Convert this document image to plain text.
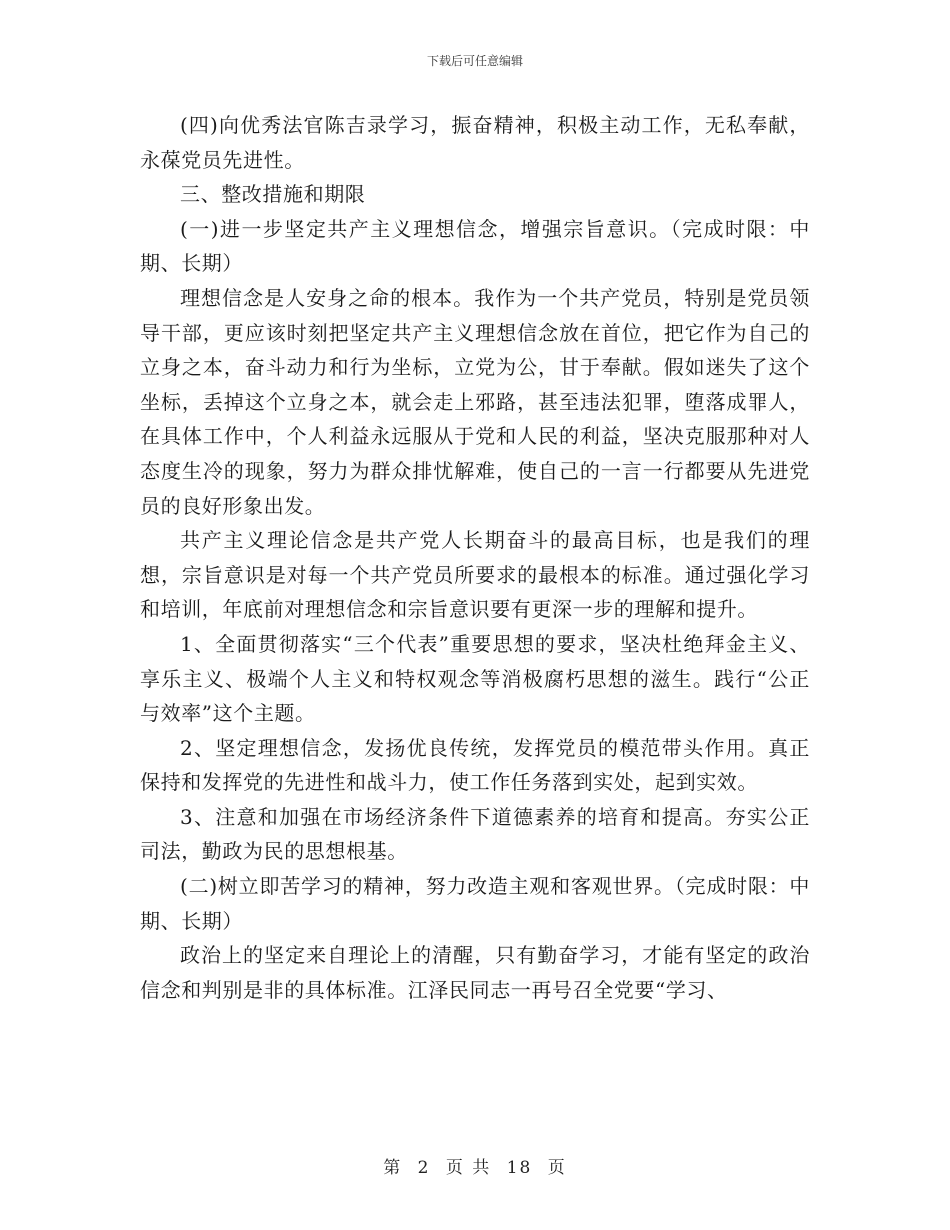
下载后可任意编辑

(四)向优秀法官陈吉录学习，振奋精神，积极主动工作，无私奉献，永葆党员先进性。

三、整改措施和期限

(一)进一步坚定共产主义理想信念，增强宗旨意识。（完成时限：中期、长期）

理想信念是人安身之命的根本。我作为一个共产党员，特别是党员领导干部，更应该时刻把坚定共产主义理想信念放在首位，把它作为自己的立身之本，奋斗动力和行为坐标，立党为公，甘于奉献。假如迷失了这个坐标，丢掉这个立身之本，就会走上邪路，甚至违法犯罪，堕落成罪人，在具体工作中，个人利益永远服从于党和人民的利益，坚决克服那种对人态度生冷的现象，努力为群众排忧解难，使自己的一言一行都要从先进党员的良好形象出发。

共产主义理论信念是共产党人长期奋斗的最高目标，也是我们的理想，宗旨意识是对每一个共产党员所要求的最根本的标准。通过强化学习和培训，年底前对理想信念和宗旨意识要有更深一步的理解和提升。

1、全面贯彻落实“三个代表”重要思想的要求，坚决杜绝拜金主义、享乐主义、极端个人主义和特权观念等消极腐朽思想的滋生。践行“公正与效率”这个主题。

2、坚定理想信念，发扬优良传统，发挥党员的模范带头作用。真正保持和发挥党的先进性和战斗力，使工作任务落到实处，起到实效。

3、注意和加强在市场经济条件下道德素养的培育和提高。夯实公正司法，勤政为民的思想根基。

(二)树立即苦学习的精神，努力改造主观和客观世界。（完成时限：中期、长期）

政治上的坚定来自理论上的清醒，只有勤奋学习，才能有坚定的政治信念和判别是非的具体标准。江泽民同志一再号召全党要“学习、

第 2 页 共 18 页
